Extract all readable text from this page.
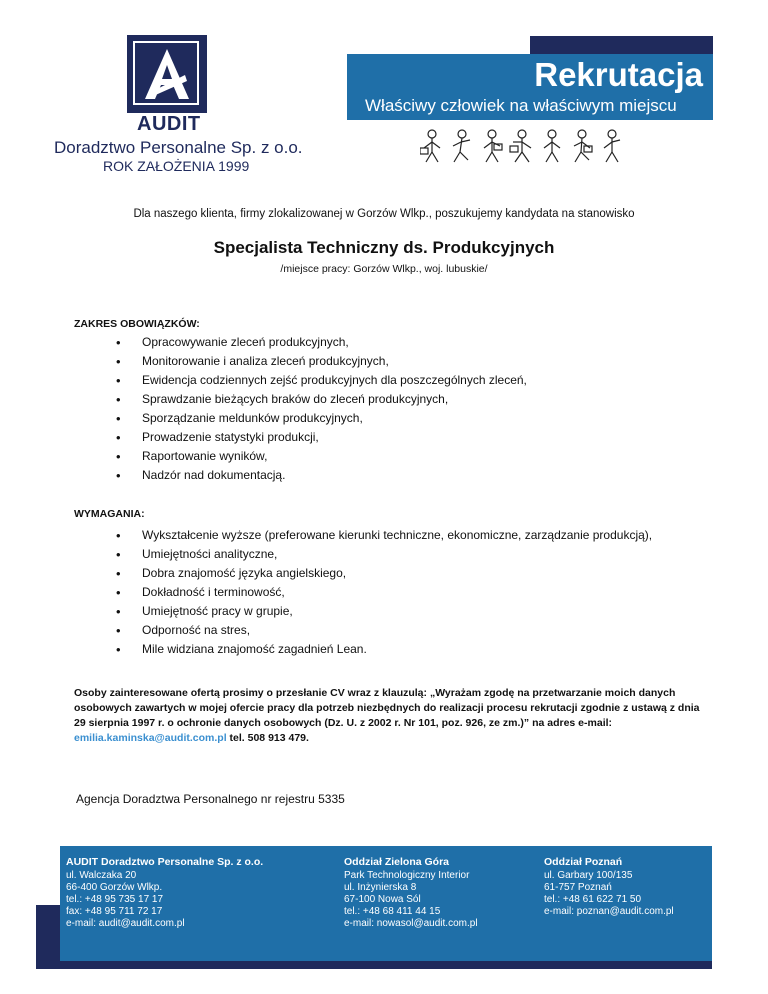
AUDIT
Doradztwo Personalne Sp. z o.o.
ROK ZAŁOŻENIA 1999
Rekrutacja
Właściwy człowiek na właściwym miejscu
Dla naszego klienta, firmy zlokalizowanej w Gorzów Wlkp., poszukujemy kandydata na stanowisko
Specjalista Techniczny ds. Produkcyjnych
/miejsce pracy: Gorzów Wlkp., woj. lubuskie/
ZAKRES OBOWIĄZKÓW:
• Opracowywanie zleceń produkcyjnych,
• Monitorowanie i analiza zleceń produkcyjnych,
• Ewidencja codziennych zejść produkcyjnych dla poszczególnych zleceń,
• Sprawdzanie bieżących braków do zleceń produkcyjnych,
• Sporządzanie meldunków produkcyjnych,
• Prowadzenie statystyki produkcji,
• Raportowanie wyników,
• Nadzór nad dokumentacją.
WYMAGANIA:
• Wykształcenie wyższe (preferowane kierunki techniczne, ekonomiczne, zarządzanie produkcją),
• Umiejętności analityczne,
• Dobra znajomość języka angielskiego,
• Dokładność i terminowość,
• Umiejętność pracy w grupie,
• Odporność na stres,
• Mile widziana znajomość zagadnień Lean.
Osoby zainteresowane ofertą prosimy o przesłanie CV wraz z klauzulą: „Wyrażam zgodę na przetwarzanie moich danych osobowych zawartych w mojej ofercie pracy dla potrzeb niezbędnych do realizacji procesu rekrutacji zgodnie z ustawą z dnia 29 sierpnia 1997 r. o ochronie danych osobowych (Dz. U. z 2002 r. Nr 101, poz. 926, ze zm.)” na adres e-mail: emilia.kaminska@audit.com.pl tel. 508 913 479.
Agencja Doradztwa Personalnego nr rejestru 5335
AUDIT Doradztwo Personalne Sp. z o.o.
ul. Walczaka 20
66-400 Gorzów Wlkp.
tel.: +48 95 735 17 17
fax: +48 95 711 72 17
e-mail: audit@audit.com.pl
Oddział Zielona Góra
Park Technologiczny Interior
ul. Inżynierska 8
67-100 Nowa Sól
tel.: +48 68 411 44 15
e-mail: nowasol@audit.com.pl
Oddział Poznań
ul. Garbary 100/135
61-757 Poznań
tel.: +48 61 622 71 50
e-mail: poznan@audit.com.pl
